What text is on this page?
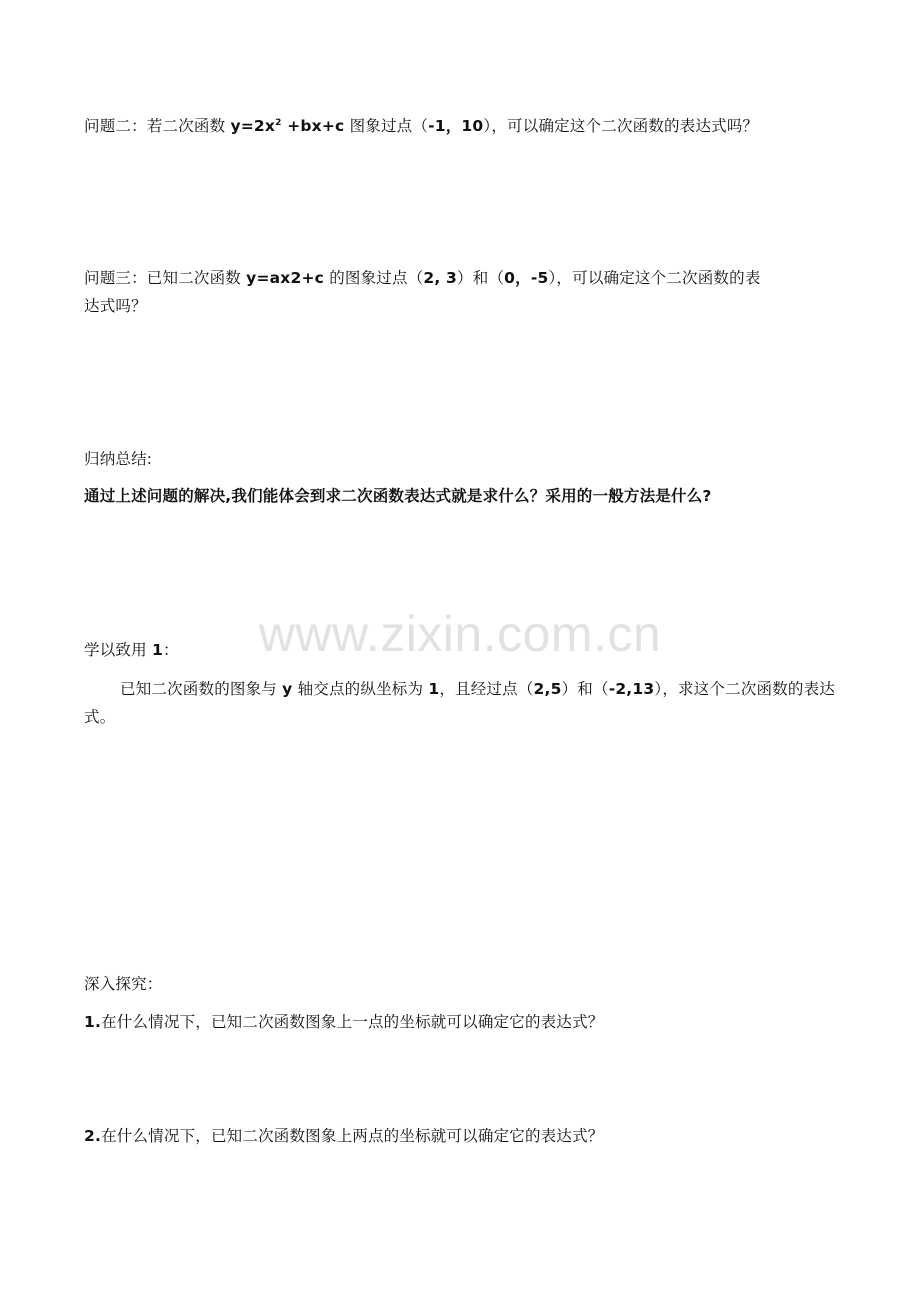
问题二：若二次函数 $y=2x^2 +bx+c$ 图象过点（-1，10），可以确定这个二次函数的表达式吗？
问题三：已知二次函数 y=ax2+c 的图象过点（2, 3）和（0，-5），可以确定这个二次函数的表
达式吗？
归纳总结:
通过上述问题的解决,我们能体会到求二次函数表达式就是求什么？采用的一般方法是什么?
www.zixin.com.cn
学以致用 1：
已知二次函数的图象与 y 轴交点的纵坐标为 1，且经过点（2,5）和（-2,13），求这个二次函数的表达式。
深入探究：
1.在什么情况下，已知二次函数图象上一点的坐标就可以确定它的表达式？
2.在什么情况下，已知二次函数图象上两点的坐标就可以确定它的表达式？
